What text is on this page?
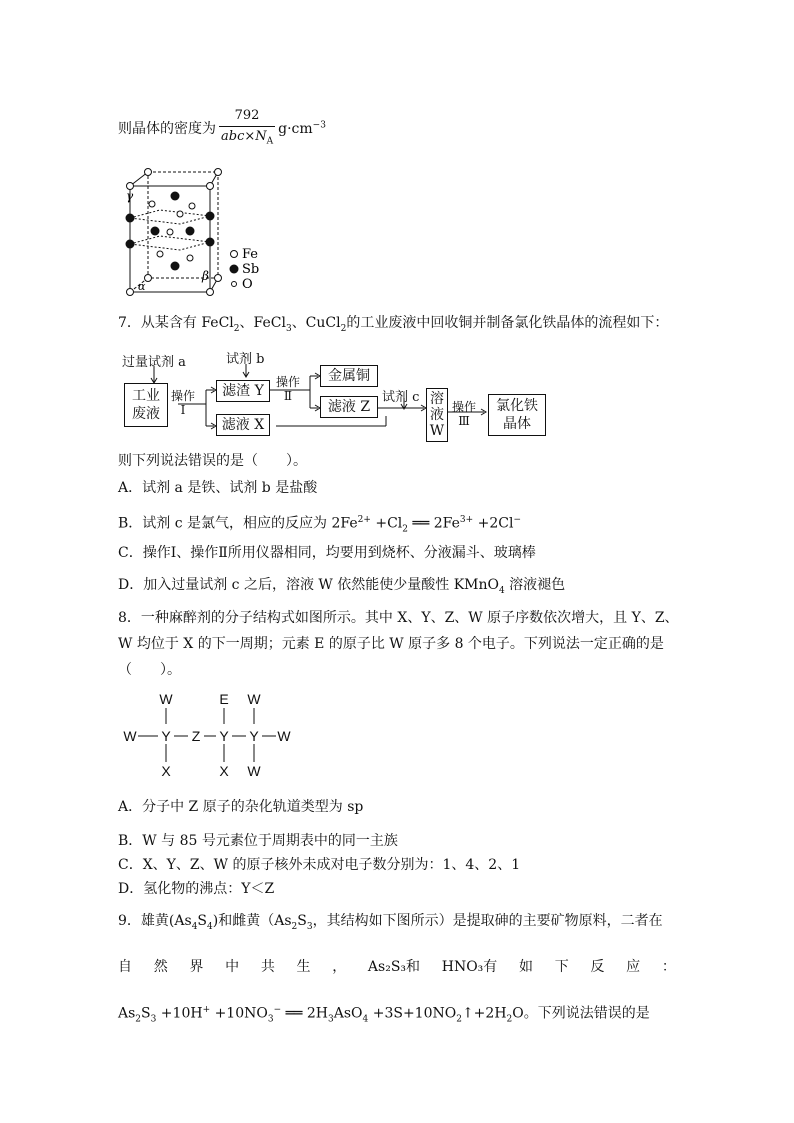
则晶体的密度为 $\frac{792}{abc\times N_A} g\cdot cm^{-3}$
γ
β
α
Fe
Sb
O
7．从某含有 FeCl$_2$、FeCl$_3$、CuCl$_2$的工业废液中回收铜并制备氯化铁晶体的流程如下：
过量试剂 a	试剂 b
试剂 c
工业
废液
操作
Ⅰ
滤渣 Y
滤液 X
操作
Ⅱ
金属铜
滤液 Z	溶
液
W
操作
Ⅲ
氯化铁
晶体
则下列说法错误的是（　　）。
A．试剂 a 是铁、试剂 b 是盐酸
B．试剂 c 是氯气，相应的反应为 $2Fe^{2+} +Cl_2$ ══ $2Fe^{3+} +2Cl^-$
C．操作Ⅰ、操作Ⅱ所用仪器相同，均要用到烧杯、分液漏斗、玻璃棒
D．加入过量试剂 c 之后，溶液 W 依然能使少量酸性 KMnO$_4$ 溶液褪色
8．一种麻醉剂的分子结构式如图所示。其中 X、Y、Z、W 原子序数依次增大，且 Y、Z、
W 均位于 X 的下一周期；元素 E 的原子比 W 原子多 8 个电子。下列说法一定正确的是
（　　）。
W Y
W
X
Z Y
E
X
Y
W
W
W
A．分子中 Z 原子的杂化轨道类型为 sp
B．W 与 85 号元素位于周期表中的同一主族
C．X、Y、Z、W 的原子核外未成对电子数分别为：1、4、2、1
D．氢化物的沸点：Y＜Z
9．雄黄$(As_4S_4)$和雌黄（$As_2S_3$，其结构如下图所示）是提取砷的主要矿物原料，二者在
自 然 界 中 共 生 ， As₂S₃和 HNO₃有 如 下 反 应 ：
$As_2S_3 +10H^+ +10NO_3^-$ ══ $2H_3AsO_4$ $+3S+10NO_2↑+2H_2O$。下列说法错误的是
